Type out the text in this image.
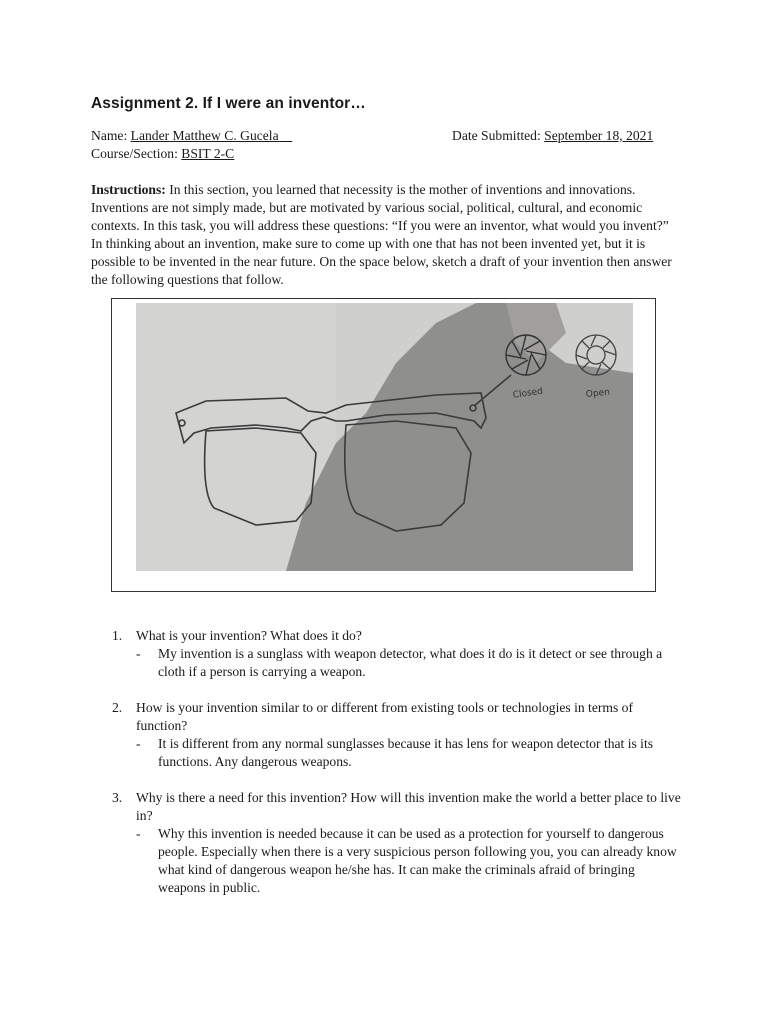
Assignment 2. If I were an inventor…
Name: Lander Matthew C. Gucela	Date Submitted: September 18, 2021
Course/Section: BSIT 2-C
Instructions: In this section, you learned that necessity is the mother of inventions and innovations. Inventions are not simply made, but are motivated by various social, political, cultural, and economic contexts. In this task, you will address these questions: “If you were an inventor, what would you invent?” In thinking about an invention, make sure to come up with one that has not been invented yet, but it is possible to be invented in the near future. On the space below, sketch a draft of your invention then answer the following questions that follow.
Closed	Open
1. What is your invention? What does it do?
- My invention is a sunglass with weapon detector, what does it do is it detect or see through a cloth if a person is carrying a weapon.
2. How is your invention similar to or different from existing tools or technologies in terms of function?
- It is different from any normal sunglasses because it has lens for weapon detector that is its functions. Any dangerous weapons.
3. Why is there a need for this invention? How will this invention make the world a better place to live in?
- Why this invention is needed because it can be used as a protection for yourself to dangerous people. Especially when there is a very suspicious person following you, you can already know what kind of dangerous weapon he/she has. It can make the criminals afraid of bringing weapons in public.
